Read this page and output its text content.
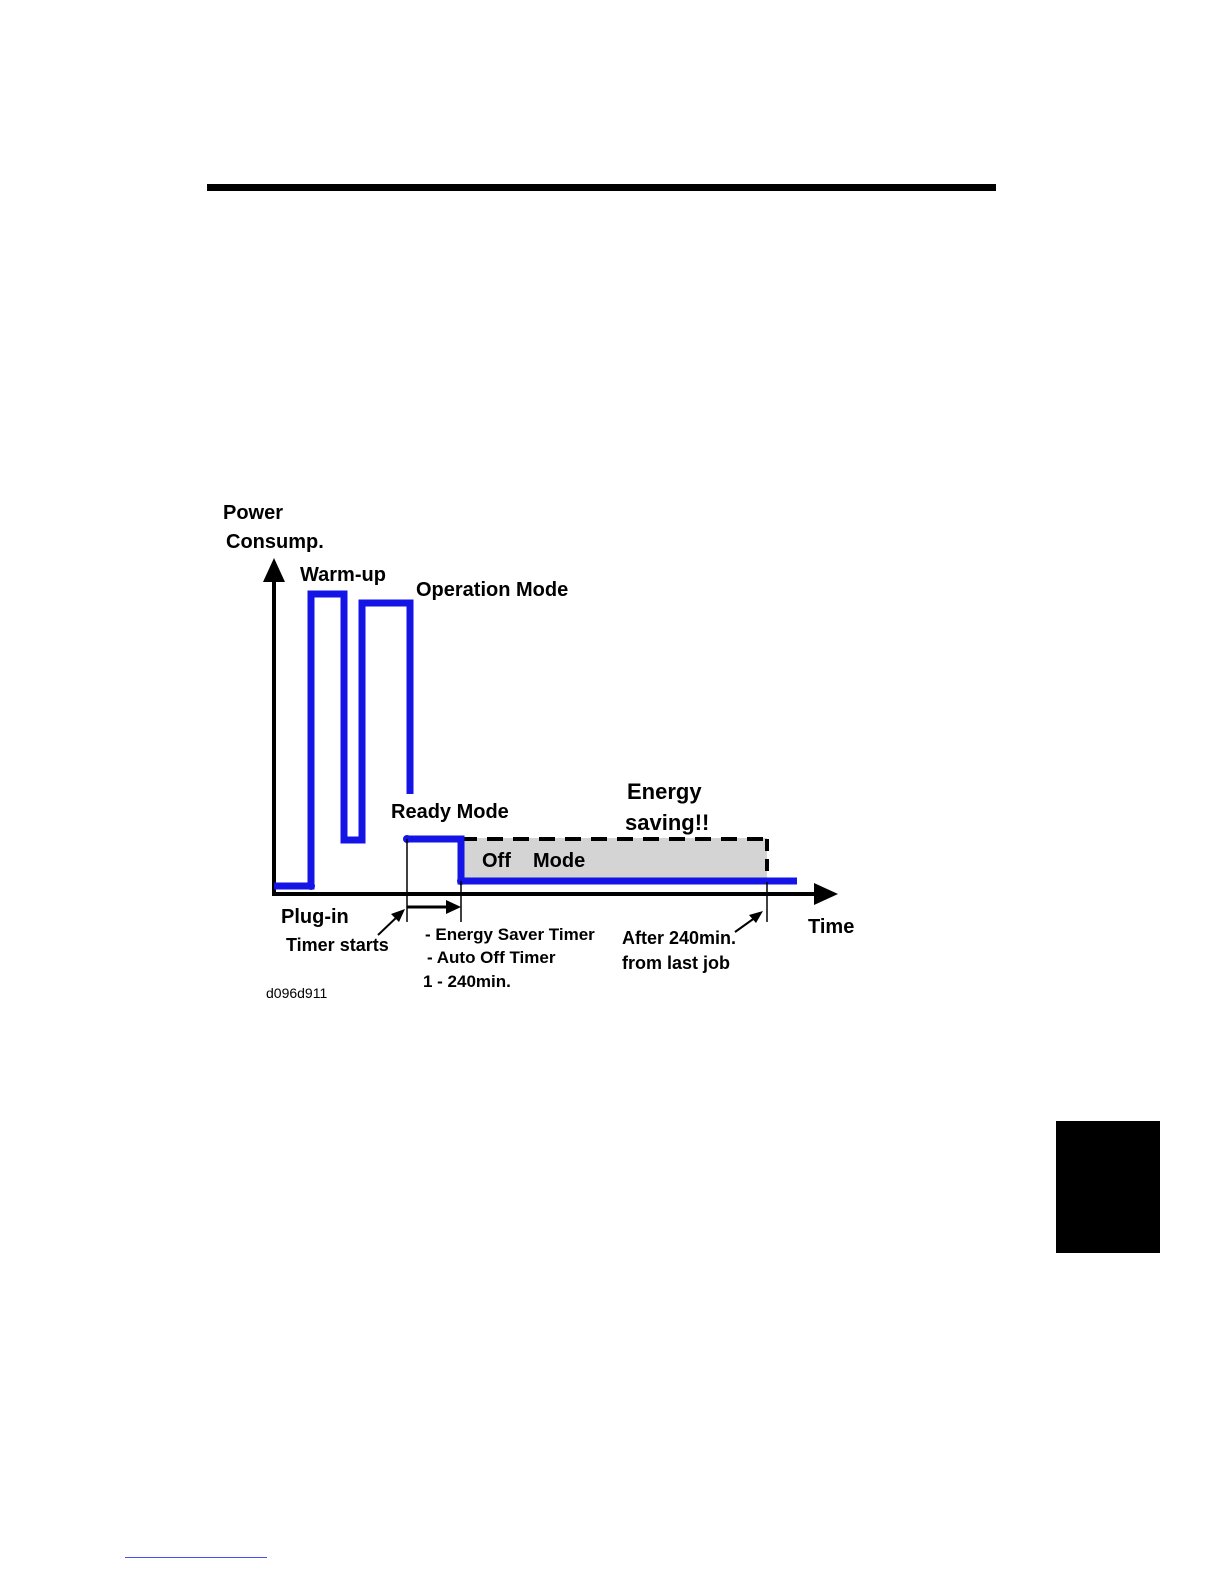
Power
Consump.
Warm-up
Operation Mode
Ready Mode
Energy
saving!!
Off Mode
Time
Plug-in
Timer starts
- Energy Saver Timer
- Auto Off Timer
1 - 240min.
After 240min.
from last job
d096d911
